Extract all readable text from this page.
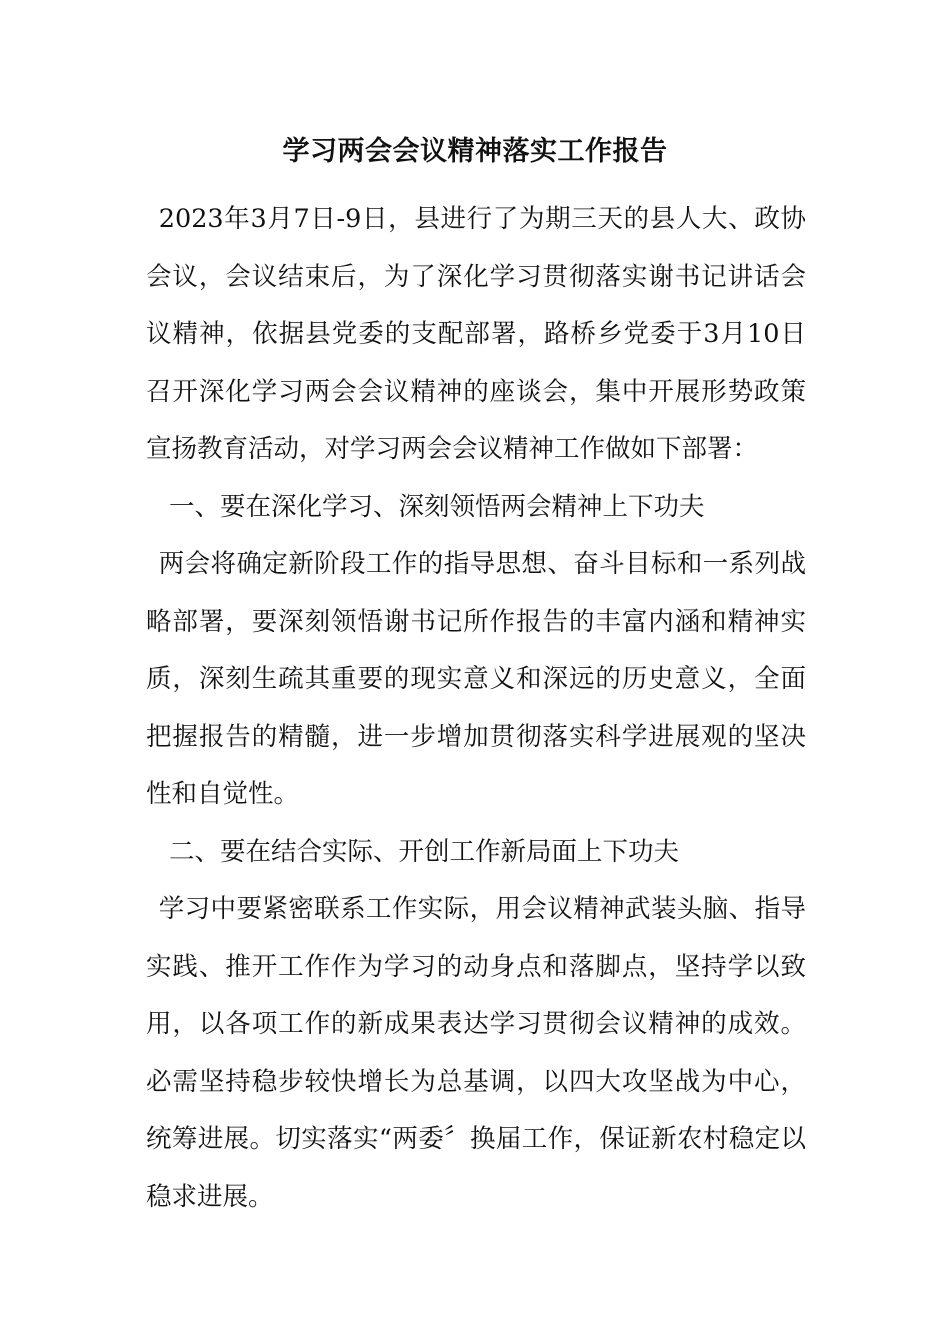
学习两会会议精神落实工作报告

2023年3月7日-9日，县进行了为期三天的县人大、政协会议，会议结束后，为了深化学习贯彻落实谢书记讲话会议精神，依据县党委的支配部署，路桥乡党委于3月10日召开深化学习两会会议精神的座谈会，集中开展形势政策宣扬教育活动，对学习两会会议精神工作做如下部署：

一、要在深化学习、深刻领悟两会精神上下功夫

两会将确定新阶段工作的指导思想、奋斗目标和一系列战略部署，要深刻领悟谢书记所作报告的丰富内涵和精神实质，深刻生疏其重要的现实意义和深远的历史意义，全面把握报告的精髓，进一步增加贯彻落实科学进展观的坚决性和自觉性。

二、要在结合实际、开创工作新局面上下功夫

学习中要紧密联系工作实际，用会议精神武装头脑、指导实践、推开工作作为学习的动身点和落脚点，坚持学以致用，以各项工作的新成果表达学习贯彻会议精神的成效。必需坚持稳步较快增长为总基调，以四大攻坚战为中心，统筹进展。切实落实“两委〞换届工作，保证新农村稳定以稳求进展。
